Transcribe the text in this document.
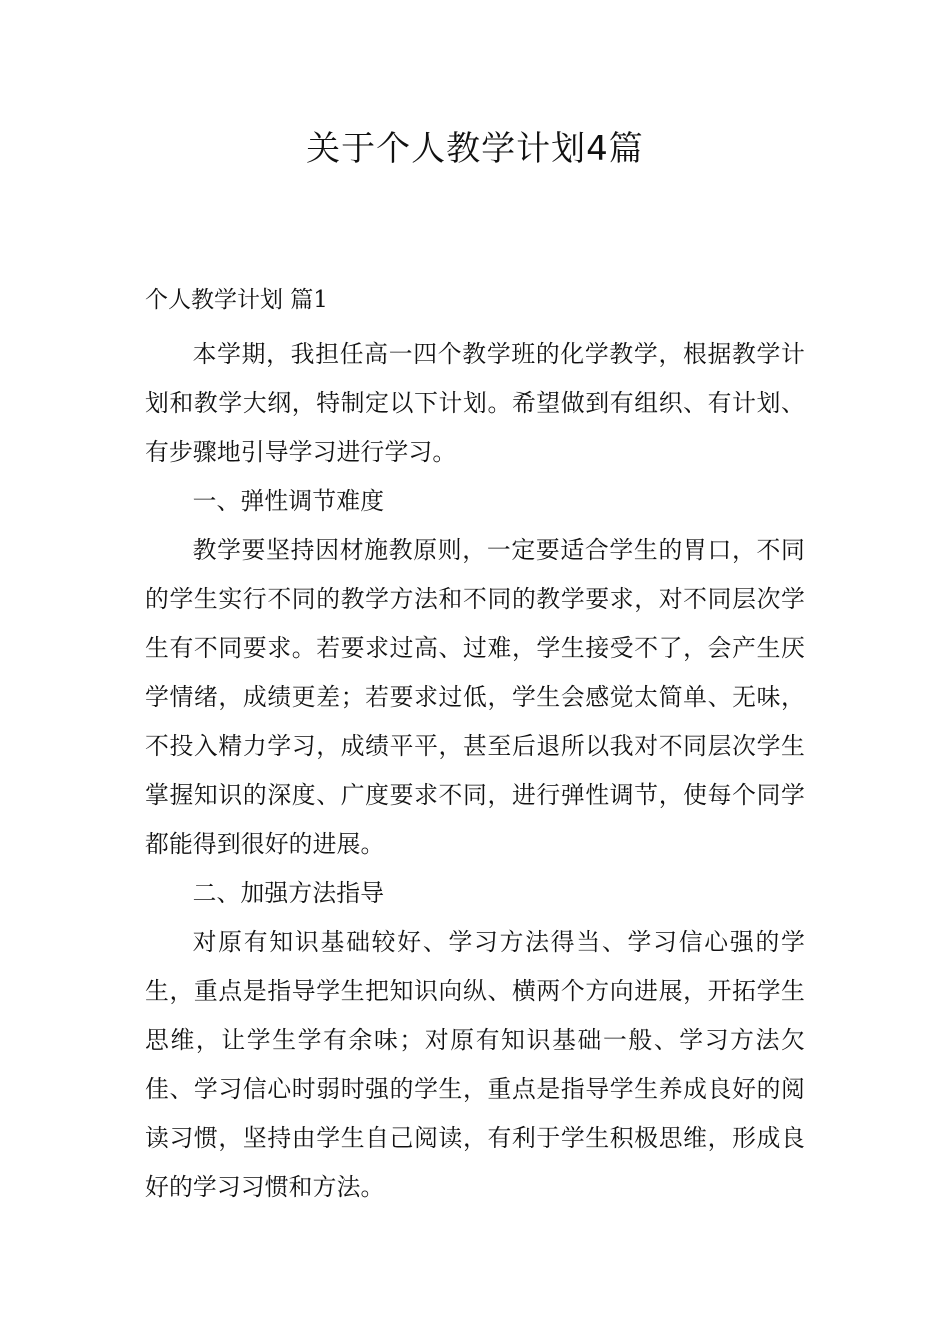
关于个人教学计划4篇
个人教学计划 篇1

本学期，我担任高一四个教学班的化学教学，根据教学计划和教学大纲，特制定以下计划。希望做到有组织、有计划、有步骤地引导学习进行学习。

一、弹性调节难度

教学要坚持因材施教原则，一定要适合学生的胃口，不同的学生实行不同的教学方法和不同的教学要求，对不同层次学生有不同要求。若要求过高、过难，学生接受不了，会产生厌学情绪，成绩更差；若要求过低，学生会感觉太简单、无味，不投入精力学习，成绩平平，甚至后退所以我对不同层次学生掌握知识的深度、广度要求不同，进行弹性调节，使每个同学都能得到很好的进展。

二、加强方法指导

对原有知识基础较好、学习方法得当、学习信心强的学生，重点是指导学生把知识向纵、横两个方向进展，开拓学生思维，让学生学有余味；对原有知识基础一般、学习方法欠佳、学习信心时弱时强的学生，重点是指导学生养成良好的阅读习惯，坚持由学生自己阅读，有利于学生积极思维，形成良好的学习习惯和方法。
